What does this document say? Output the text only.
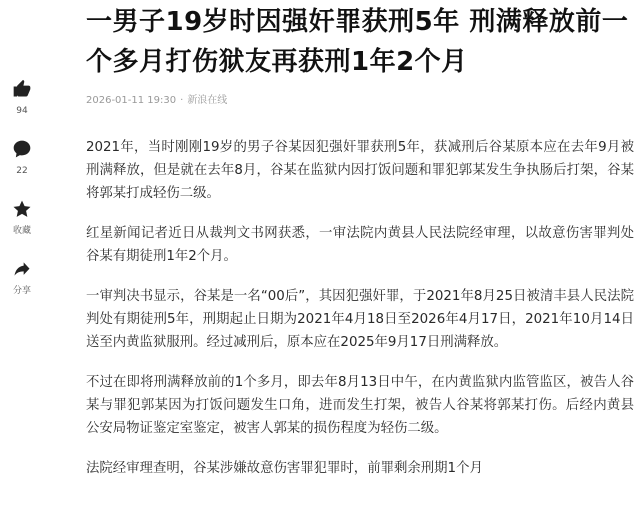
94
22
收藏
分享
一男子19岁时因强奸罪获刑5年 刑满释放前一个多月打伤狱友再获刑1年2个月
2026-01-11 19:30 · 新浪在线

2021年，当时刚刚19岁的男子谷某因犯强奸罪获刑5年，获减刑后谷某原本应在去年9月被刑满释放，但是就在去年8月，谷某在监狱内因打饭问题和罪犯郭某发生争执肠后打架，谷某将郭某打成轻伤二级。

红星新闻记者近日从裁判文书网获悉，一审法院内黄县人民法院经审理，以故意伤害罪判处谷某有期徒刑1年2个月。

一审判决书显示，谷某是一名“00后”，其因犯强奸罪，于2021年8月25日被清丰县人民法院判处有期徒刑5年，刑期起止日期为2021年4月18日至2026年4月17日，2021年10月14日送至内黄监狱服刑。经过减刑后，原本应在2025年9月17日刑满释放。

不过在即将刑满释放前的1个多月，即去年8月13日中午，在内黄监狱内监管监区，被告人谷某与罪犯郭某因为打饭问题发生口角，进而发生打架，被告人谷某将郭某打伤。后经内黄县公安局物证鉴定室鉴定，被害人郭某的损伤程度为轻伤二级。

法院经审理查明，谷某涉嫌故意伤害罪犯罪时，前罪剩余刑期1个月
